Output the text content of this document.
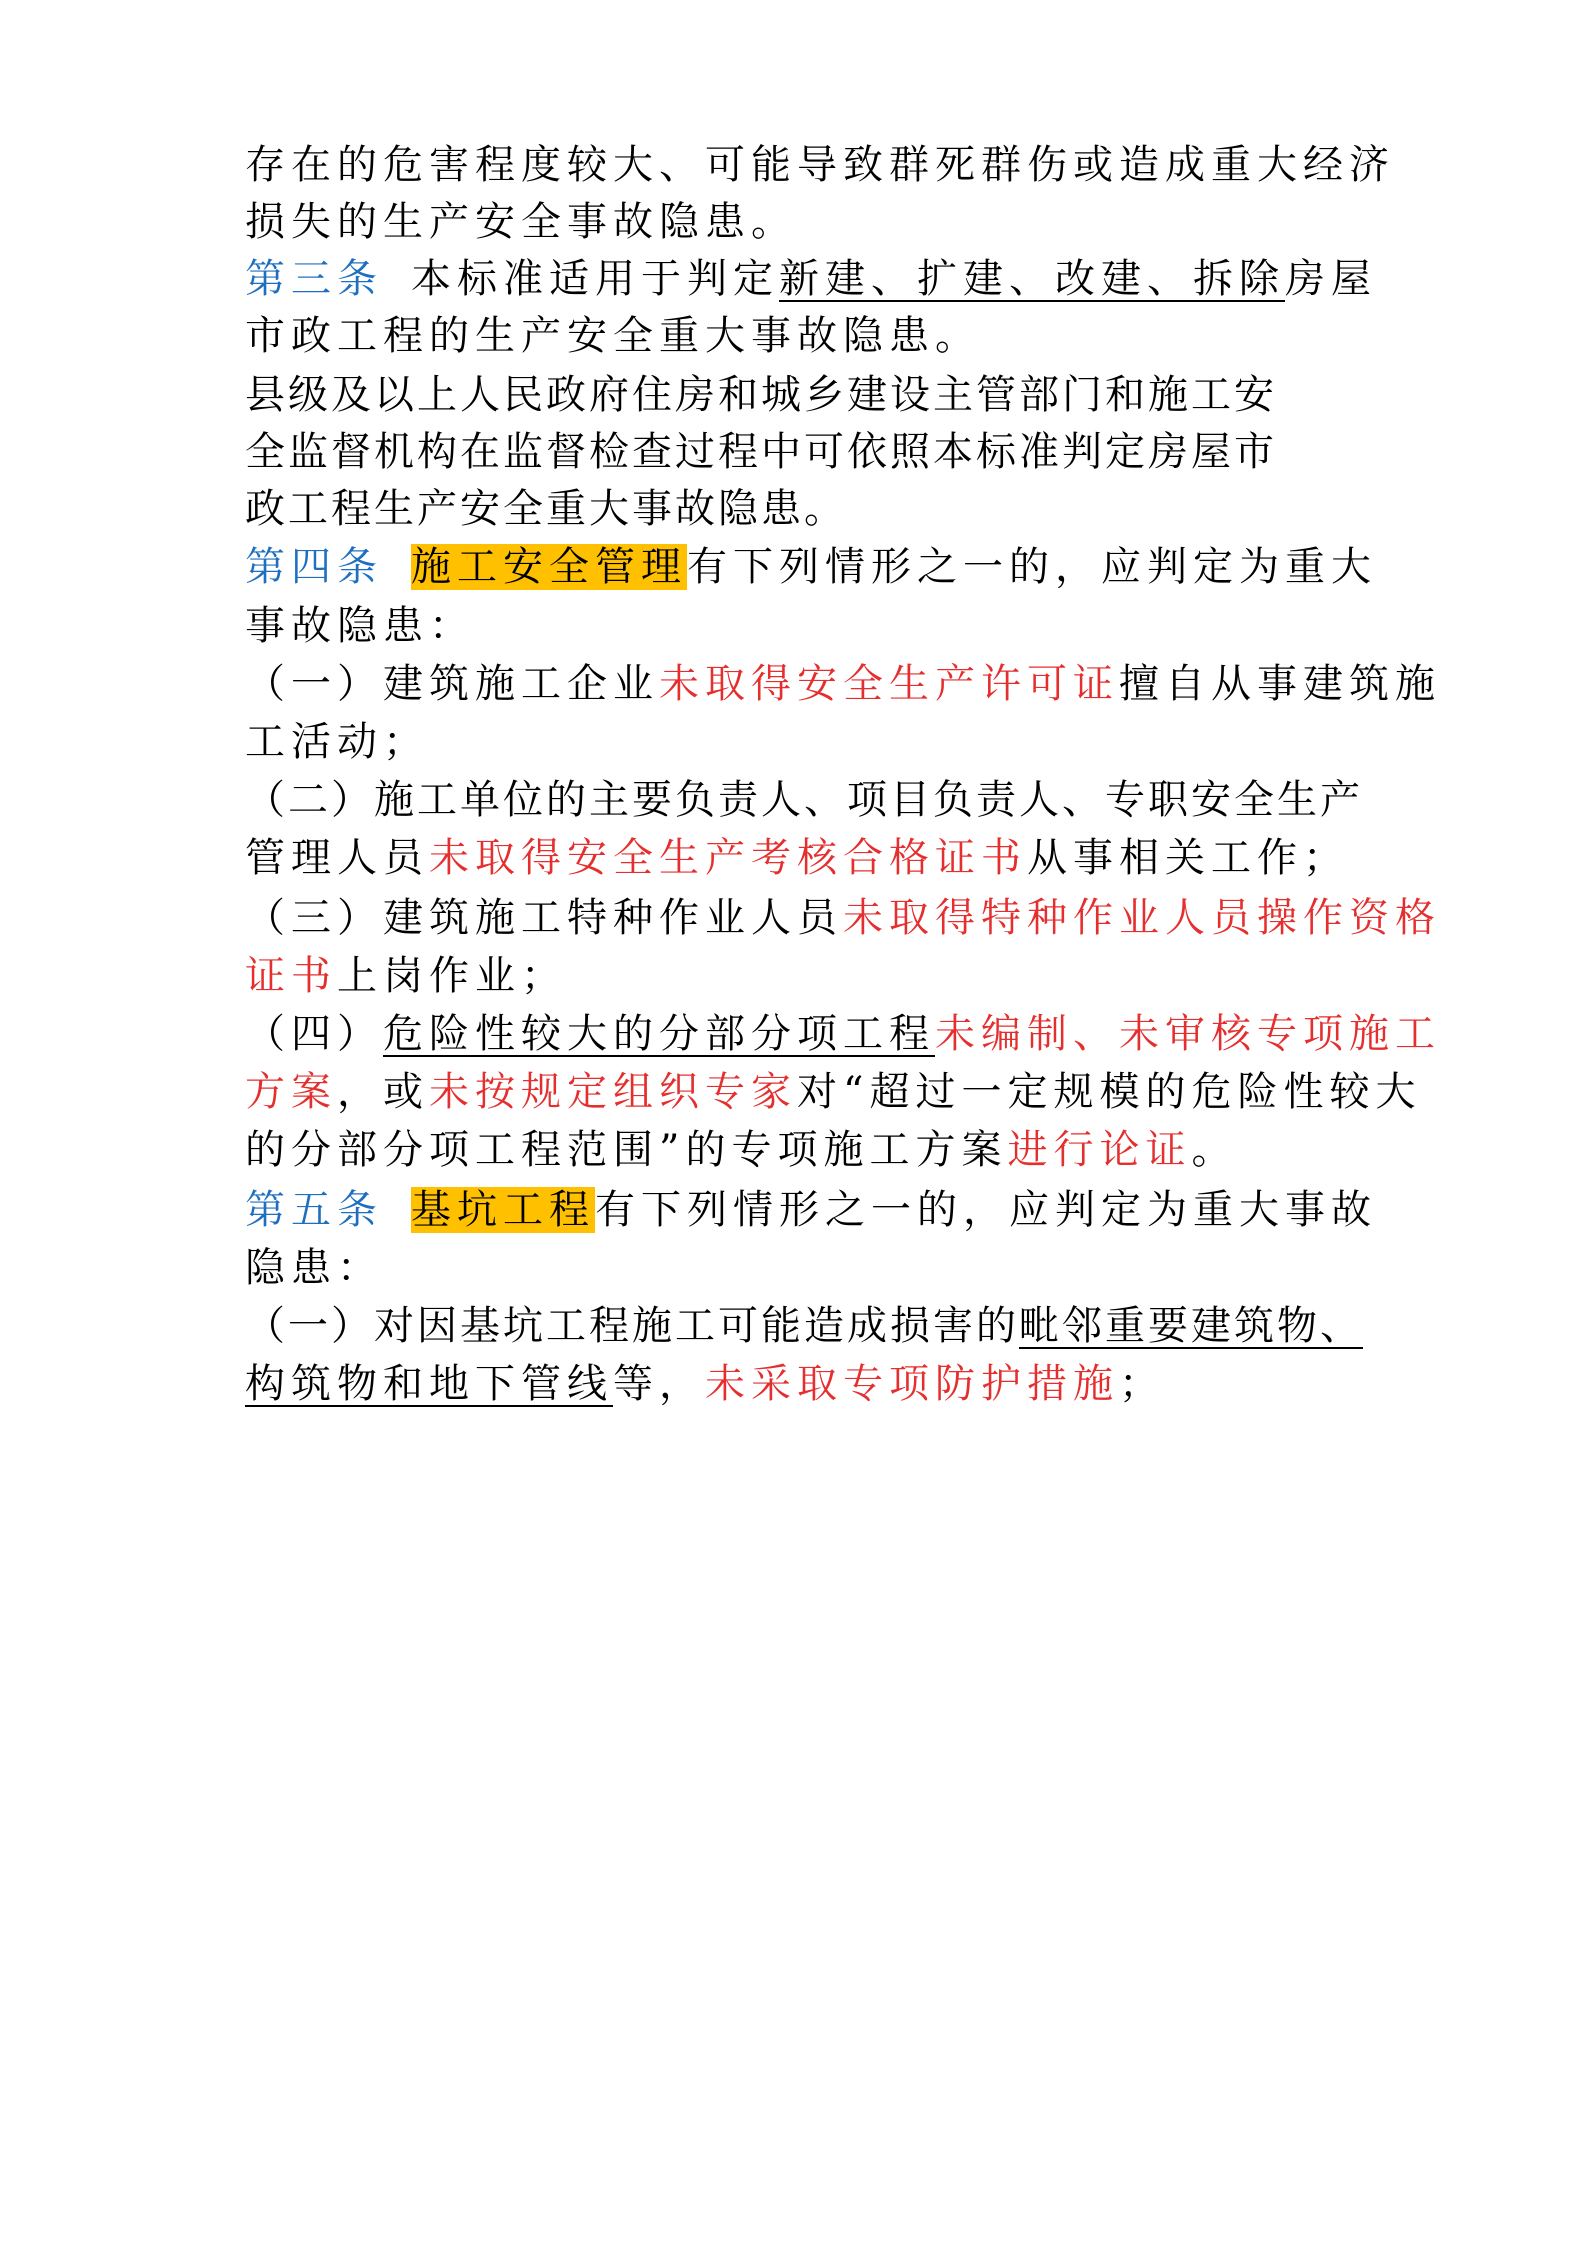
存在的危害程度较大、可能导致群死群伤或造成重大经济
损失的生产安全事故隐患。
第三条 本标准适用于判定新建、扩建、改建、拆除房屋
市政工程的生产安全重大事故隐患。
县级及以上人民政府住房和城乡建设主管部门和施工安
全监督机构在监督检查过程中可依照本标准判定房屋市
政工程生产安全重大事故隐患。
第四条 施工安全管理有下列情形之一的，应判定为重大
事故隐患：
（一）建筑施工企业未取得安全生产许可证擅自从事建筑施
工活动；
（二）施工单位的主要负责人、项目负责人、专职安全生产
管理人员未取得安全生产考核合格证书从事相关工作；
（三）建筑施工特种作业人员未取得特种作业人员操作资格
证书上岗作业；
（四）危险性较大的分部分项工程未编制、未审核专项施工
方案，或未按规定组织专家对“超过一定规模的危险性较大
的分部分项工程范围”的专项施工方案进行论证。
第五条 基坑工程有下列情形之一的，应判定为重大事故
隐患：
（一）对因基坑工程施工可能造成损害的毗邻重要建筑物、
构筑物和地下管线等，未采取专项防护措施；
